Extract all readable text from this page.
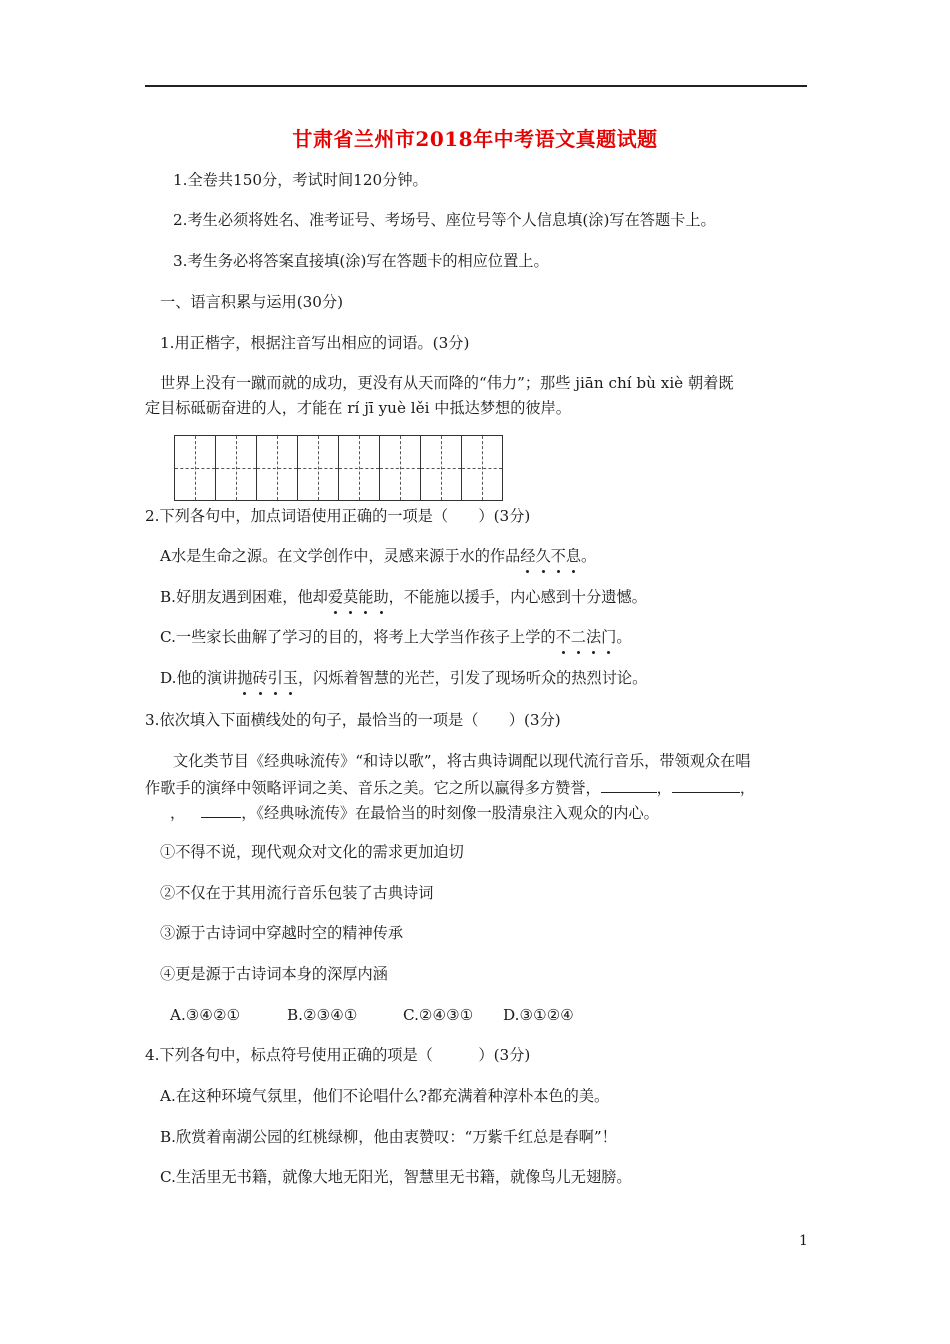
甘肃省兰州市2018年中考语文真题试题
1.全卷共150分，考试时间120分钟。
2.考生必须将姓名、准考证号、考场号、座位号等个人信息填(涂)写在答题卡上。
3.考生务必将答案直接填(涂)写在答题卡的相应位置上。
一、语言积累与运用(30分)
1.用正楷字，根据注音写出相应的词语。(3分)
世界上没有一蹴而就的成功，更没有从天而降的“伟力”；那些 jiān chí bù xiè 朝着既
定目标砥砺奋进的人，才能在 rí jī yuè lěi 中抵达梦想的彼岸。
2.下列各句中，加点词语使用正确的一项是（　　）(3分)
A水是生命之源。在文学创作中，灵感来源于水的作品经久不息。
B.好朋友遇到困难，他却爱莫能助，不能施以援手，内心感到十分遗憾。
C.一些家长曲解了学习的目的，将考上大学当作孩子上学的不二法门。
D.他的演讲抛砖引玉，闪烁着智慧的光芒，引发了现场听众的热烈讨论。
3.依次填入下面横线处的句子，最恰当的一项是（　　）(3分)
文化类节目《经典咏流传》“和诗以歌”，将古典诗调配以现代流行音乐，带领观众在唱
作歌手的演绎中领略评词之美、音乐之美。它之所以赢得多方赞誉，	，	，
，	，《经典咏流传》在最恰当的时刻像一股清泉注入观众的内心。
①不得不说，现代观众对文化的需求更加迫切
②不仅在于其用流行音乐包装了古典诗词
③源于古诗词中穿越时空的精神传承
④更是源于古诗词本身的深厚内涵
A.③④②①	B.②③④①	C.②④③① D.③①②④
4.下列各句中，标点符号使用正确的项是（　　　）(3分)
A.在这种环境气氛里，他们不论唱什么?都充满着种淳朴本色的美。
B.欣赏着南湖公园的红桃绿柳，他由衷赞叹：“万紫千红总是春啊”！
C.生活里无书籍，就像大地无阳光，智慧里无书籍，就像鸟儿无翅膀。
1
